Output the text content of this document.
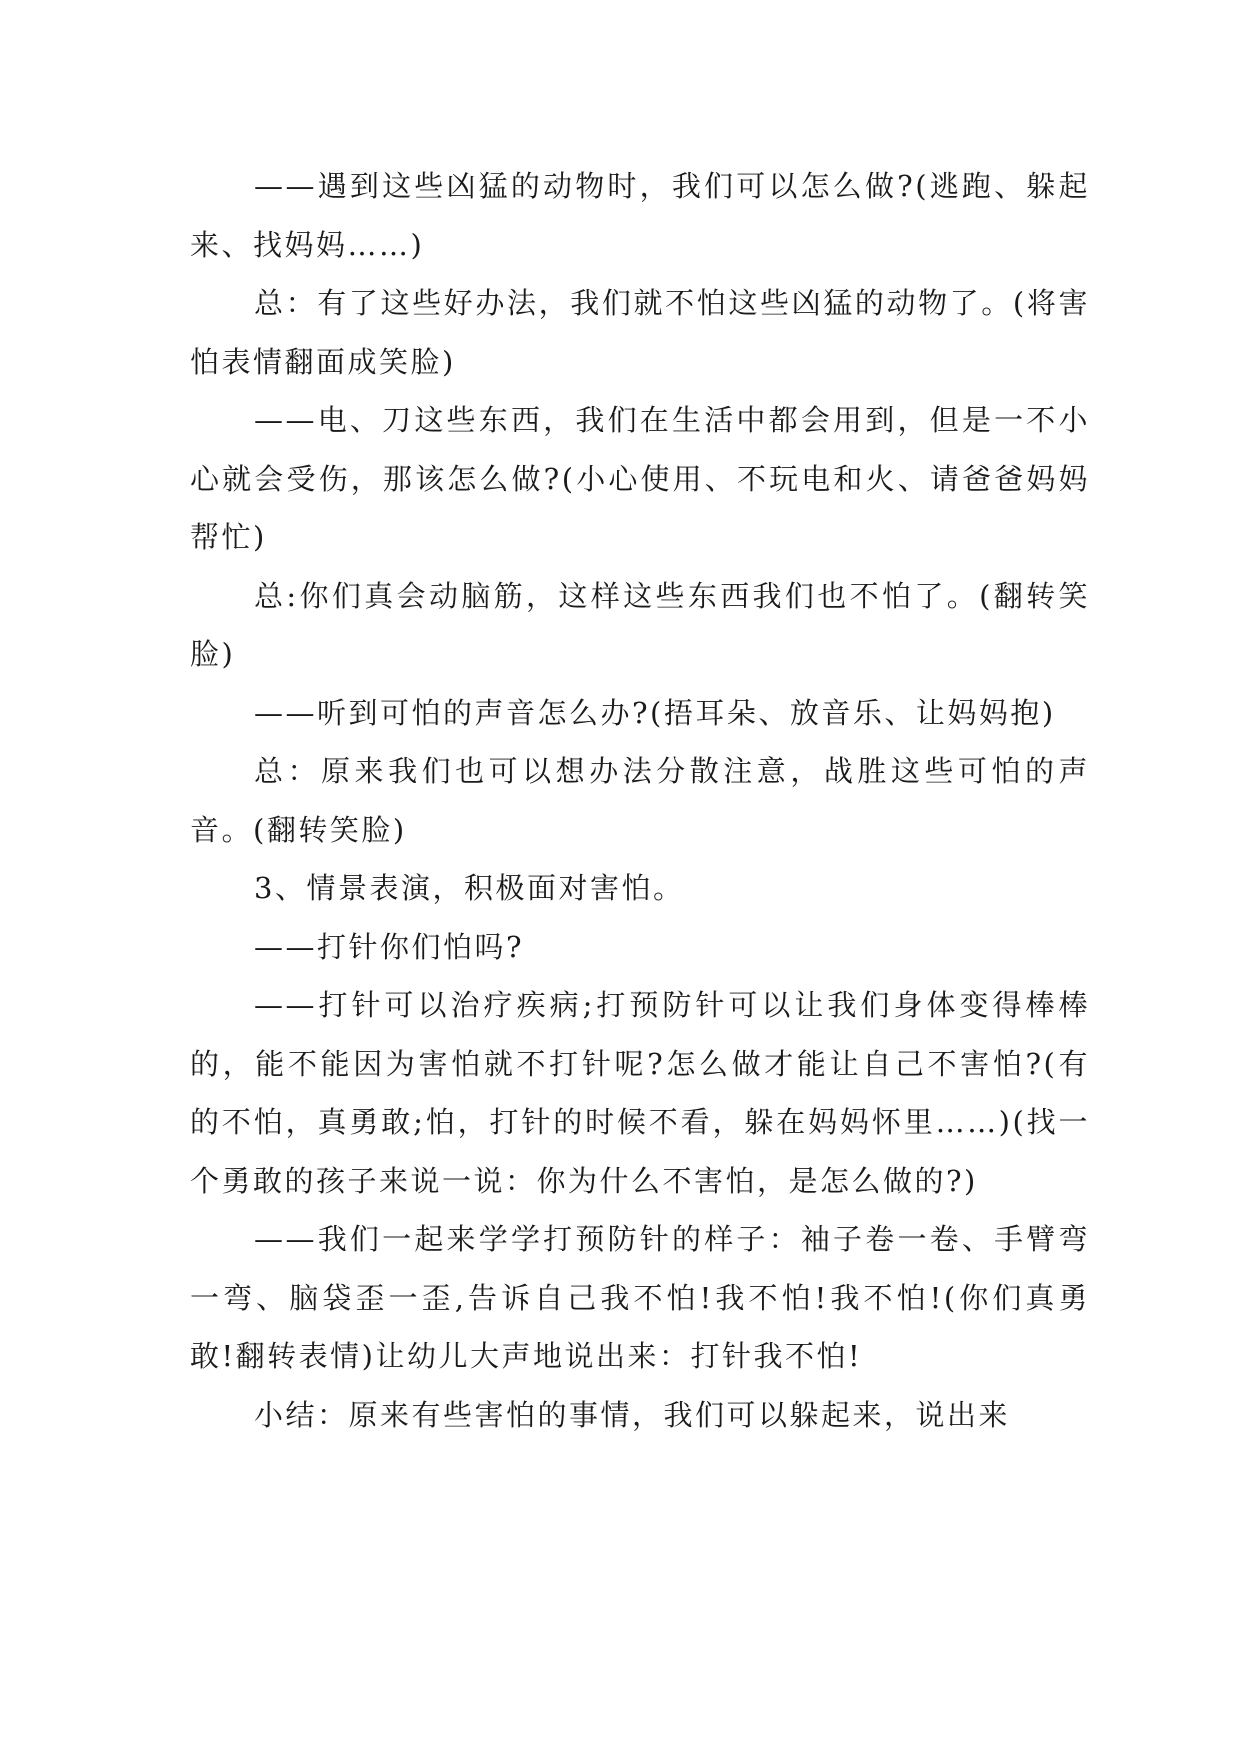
——遇到这些凶猛的动物时，我们可以怎么做?(逃跑、躲起来、找妈妈……)

总：有了这些好办法，我们就不怕这些凶猛的动物了。(将害怕表情翻面成笑脸)

——电、刀这些东西，我们在生活中都会用到，但是一不小心就会受伤，那该怎么做?(小心使用、不玩电和火、请爸爸妈妈帮忙)

总:你们真会动脑筋，这样这些东西我们也不怕了。(翻转笑脸)

——听到可怕的声音怎么办?(捂耳朵、放音乐、让妈妈抱)

总：原来我们也可以想办法分散注意，战胜这些可怕的声音。(翻转笑脸)

3、情景表演，积极面对害怕。

——打针你们怕吗?

——打针可以治疗疾病;打预防针可以让我们身体变得棒棒的，能不能因为害怕就不打针呢?怎么做才能让自己不害怕?(有的不怕，真勇敢;怕，打针的时候不看，躲在妈妈怀里……)(找一个勇敢的孩子来说一说：你为什么不害怕，是怎么做的?)

——我们一起来学学打预防针的样子：袖子卷一卷、手臂弯一弯、脑袋歪一歪,告诉自己我不怕!我不怕!我不怕!(你们真勇敢!翻转表情)让幼儿大声地说出来：打针我不怕!

小结：原来有些害怕的事情，我们可以躲起来，说出来
